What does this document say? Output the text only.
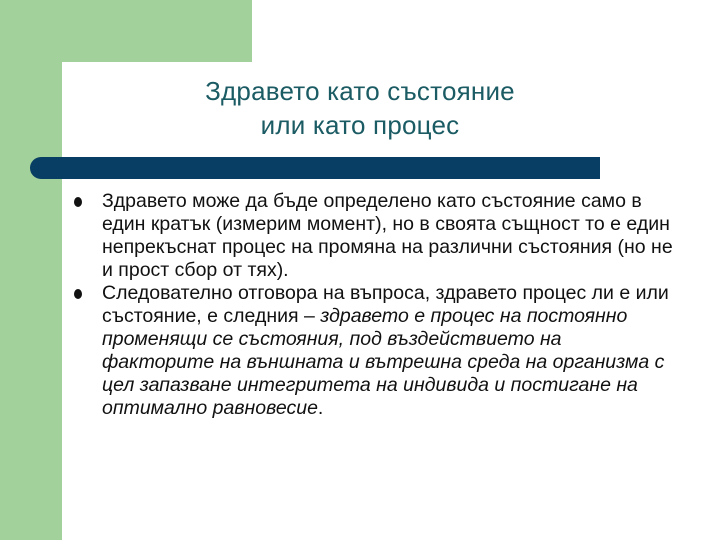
Здравето като състояние
или като процес
Здравето може да бъде определено като състояние само в един кратък (измерим момент), но в своята същност то е един непрекъснат процес на промяна на различни състояния (но не и прост сбор от тях).
Следователно отговора на въпроса, здравето процес ли е или състояние, е следния – здравето е процес на постоянно променящи се състояния, под въздействието на факторите на външната и вътрешна среда на организма с цел запазване интегритета на индивида и постигане на оптимално равновесие.
